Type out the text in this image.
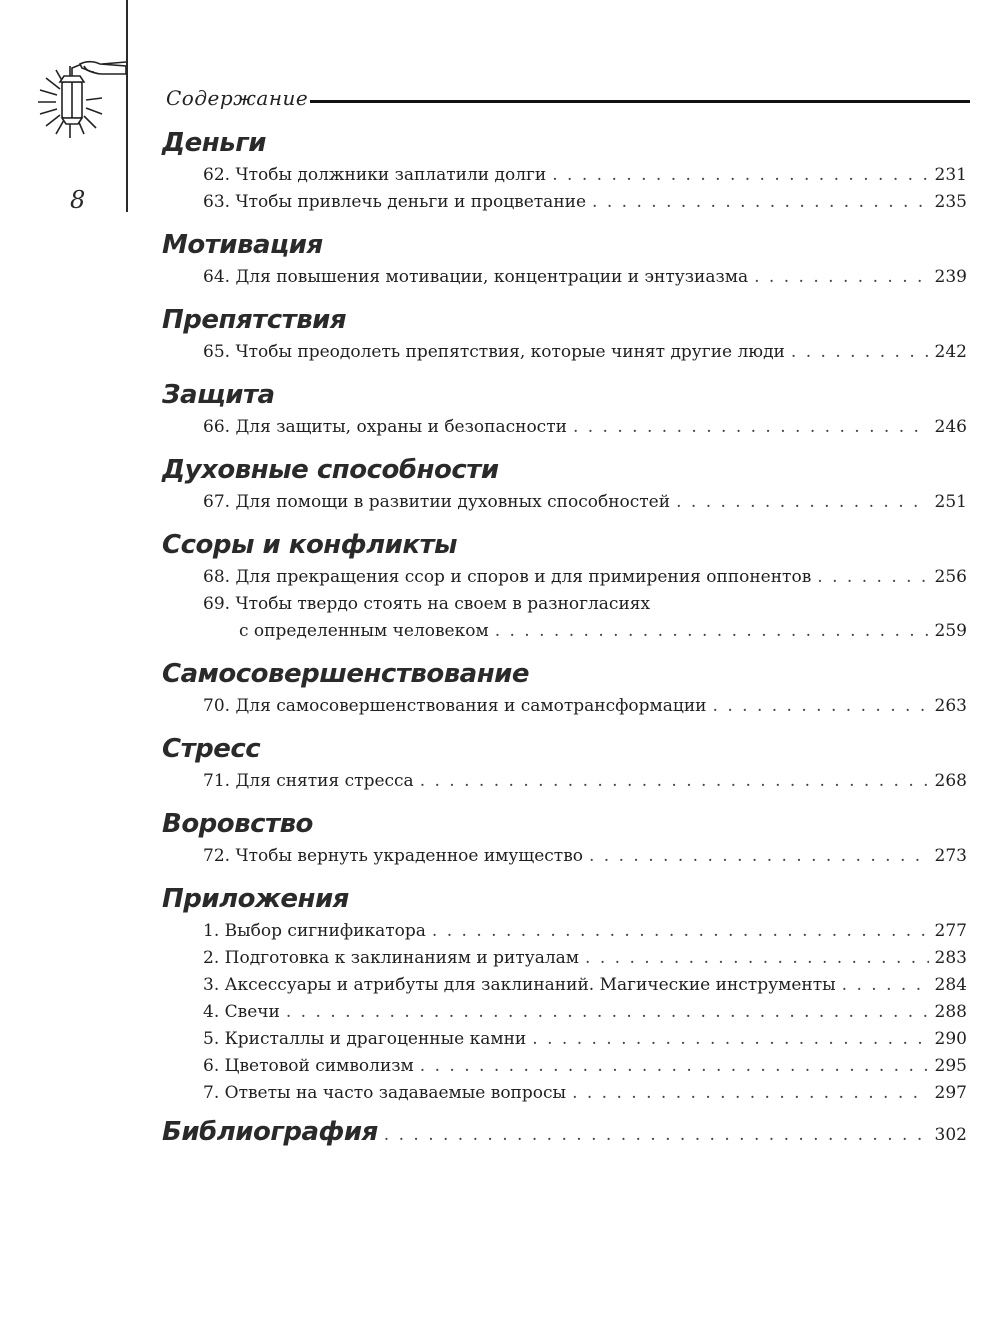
8
Содержание
Деньги
62. Чтобы должники заплатили долги . . .	231
63. Чтобы привлечь деньги и процветание . . .	235
Мотивация
64. Для повышения мотивации, концентрации и энтузиазма . . .	239
Препятствия
65. Чтобы преодолеть препятствия, которые чинят другие люди . . .	242
Защита
66. Для защиты, охраны и безопасности . . .	246
Духовные способности
67. Для помощи в развитии духовных способностей . . .	251
Ссоры и конфликты
68. Для прекращения ссор и споров и для примирения оппонентов . . .	256
69. Чтобы твердо стоять на своем в разногласиях
с определенным человеком . . .	259
Самосовершенствование
70. Для самосовершенствования и самотрансформации . . .	263
Стресс
71. Для снятия стресса . . .	268
Воровство
72. Чтобы вернуть украденное имущество . . .	273
Приложения
1. Выбор сигнификатора . . .	277
2. Подготовка к заклинаниям и ритуалам . . .	283
3. Аксессуары и атрибуты для заклинаний. Магические инструменты . . .	284
4. Свечи . . .	288
5. Кристаллы и драгоценные камни . . .	290
6. Цветовой символизм . . .	295
7. Ответы на часто задаваемые вопросы . . .	297
Библиография . . .	302
